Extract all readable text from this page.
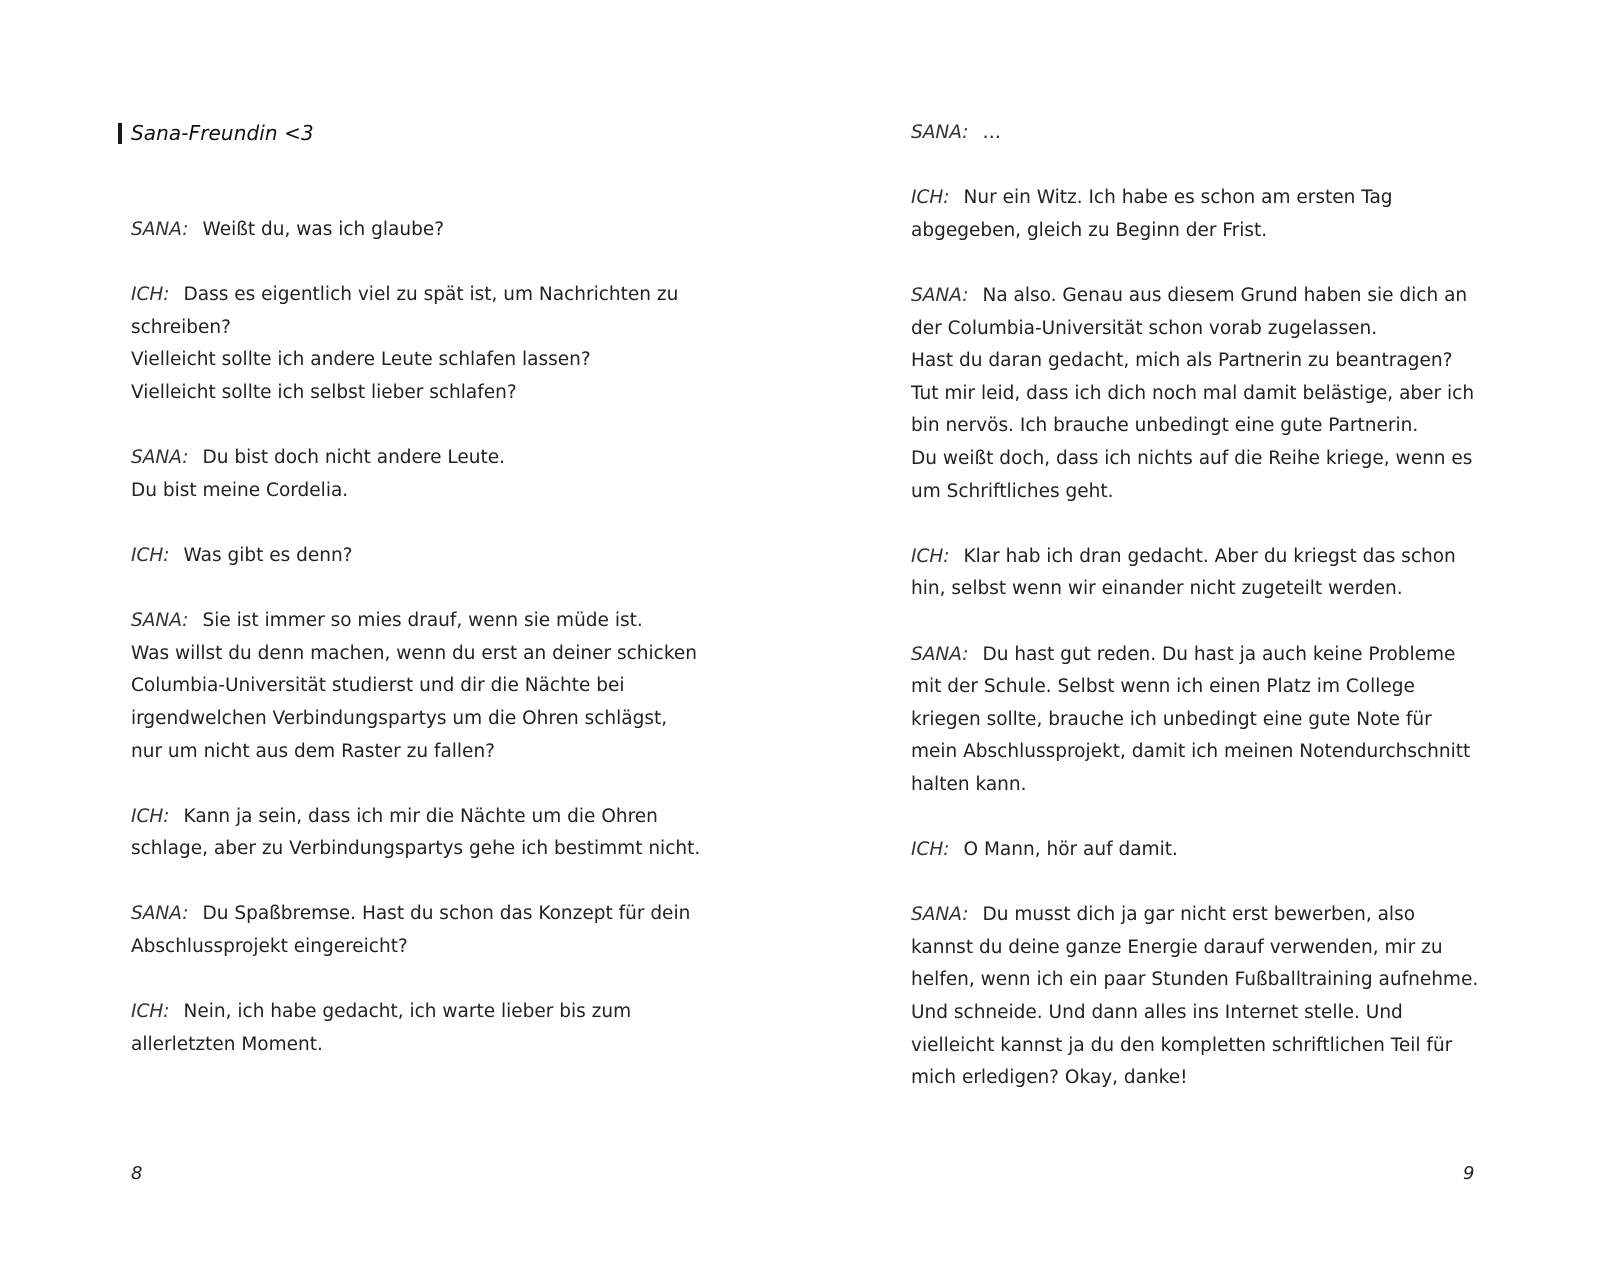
Sana-Freundin <3
SANA: Weißt du, was ich glaube?
ICH: Dass es eigentlich viel zu spät ist, um Nachrichten zu
schreiben?
Vielleicht sollte ich andere Leute schlafen lassen?
Vielleicht sollte ich selbst lieber schlafen?
SANA: Du bist doch nicht andere Leute.
Du bist meine Cordelia.
ICH: Was gibt es denn?
SANA: Sie ist immer so mies drauf, wenn sie müde ist.
Was willst du denn machen, wenn du erst an deiner schicken
Columbia-Universität studierst und dir die Nächte bei
irgendwelchen Verbindungspartys um die Ohren schlägst,
nur um nicht aus dem Raster zu fallen?
ICH: Kann ja sein, dass ich mir die Nächte um die Ohren
schlage, aber zu Verbindungspartys gehe ich bestimmt nicht.
SANA: Du Spaßbremse. Hast du schon das Konzept für dein
Abschlussprojekt eingereicht?
ICH: Nein, ich habe gedacht, ich warte lieber bis zum
allerletzten Moment.
8
SANA: …
ICH: Nur ein Witz. Ich habe es schon am ersten Tag
abgegeben, gleich zu Beginn der Frist.
SANA: Na also. Genau aus diesem Grund haben sie dich an
der Columbia-Universität schon vorab zugelassen.
Hast du daran gedacht, mich als Partnerin zu beantragen?
Tut mir leid, dass ich dich noch mal damit belästige, aber ich
bin nervös. Ich brauche unbedingt eine gute Partnerin.
Du weißt doch, dass ich nichts auf die Reihe kriege, wenn es
um Schriftliches geht.
ICH: Klar hab ich dran gedacht. Aber du kriegst das schon
hin, selbst wenn wir einander nicht zugeteilt werden.
SANA: Du hast gut reden. Du hast ja auch keine Probleme
mit der Schule. Selbst wenn ich einen Platz im College
kriegen sollte, brauche ich unbedingt eine gute Note für
mein Abschlussprojekt, damit ich meinen Notendurchschnitt
halten kann.
ICH: O Mann, hör auf damit.
SANA: Du musst dich ja gar nicht erst bewerben, also
kannst du deine ganze Energie darauf verwenden, mir zu
helfen, wenn ich ein paar Stunden Fußballtraining aufnehme.
Und schneide. Und dann alles ins Internet stelle. Und
vielleicht kannst ja du den kompletten schriftlichen Teil für
mich erledigen? Okay, danke!
9
